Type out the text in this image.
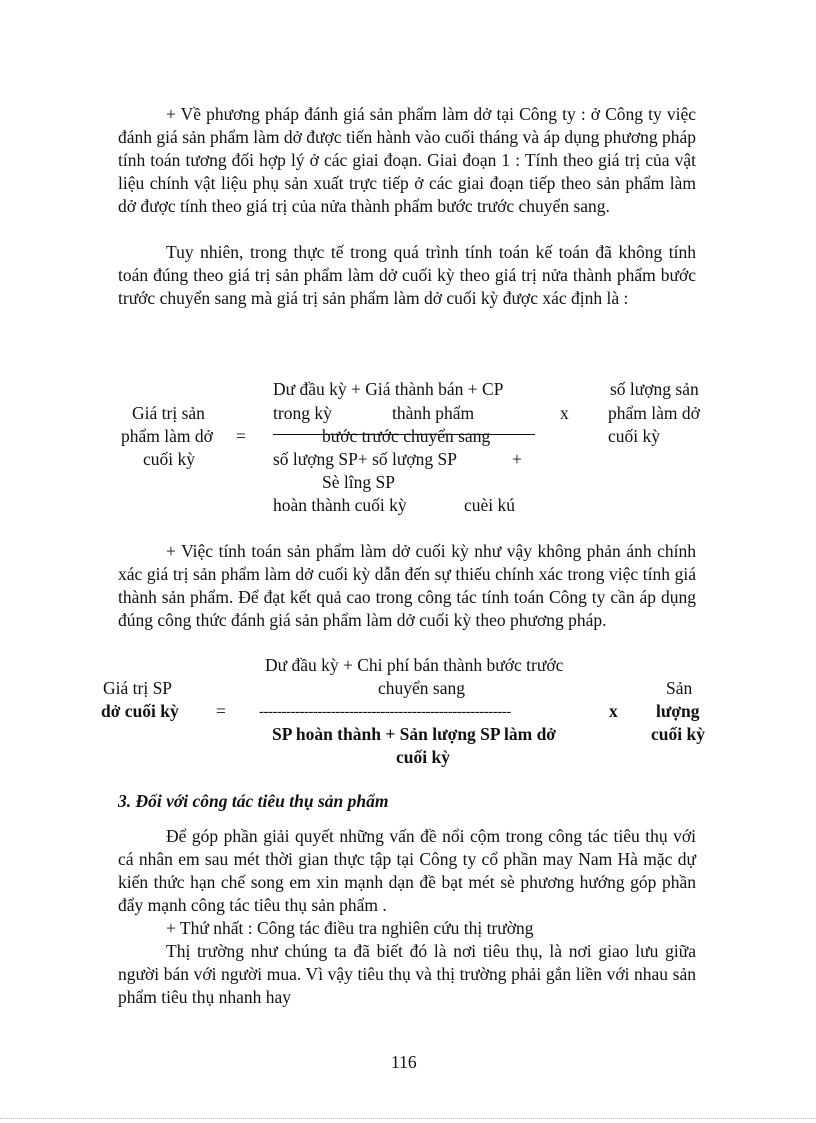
+ Về phương pháp đánh giá sản phẩm làm dở tại Công ty : ở Công ty việc đánh giá sản phẩm làm dở được tiến hành vào cuối tháng và áp dụng phương pháp tính toán tương đối hợp lý ở các giai đoạn. Giai đoạn 1 : Tính theo giá trị của vật liệu chính vật liệu phụ sản xuất trực tiếp ở các giai đoạn tiếp theo sản phẩm làm dở được tính theo giá trị của nửa thành phẩm bước trước chuyển sang.

Tuy nhiên, trong thực tế trong quá trình tính toán kế toán đã không tính toán đúng theo giá trị sản phẩm làm dở cuối kỳ theo giá trị nửa thành phẩm bước trước chuyển sang mà giá trị sản phẩm làm dở cuối kỳ được xác định là :

Dư đầu kỳ + Giá thành bán + CP
trong kỳ	thành phẩm
bước trước chuyển sang
Giá trị sản
phẩm làm dở
cuối kỳ
=
x
số lượng sản
phẩm làm dở
cuối kỳ
số lượng SP+ số lượng SP	+
Sè lîng SP
hoàn thành cuối kỳ	cuèi kú

+ Việc tính toán sản phẩm làm dở cuối kỳ như vậy không phản ánh chính xác giá trị sản phẩm làm dở cuối kỳ dẫn đến sự thiếu chính xác trong việc tính giá thành sản phẩm. Để đạt kết quả cao trong công tác tính toán Công ty cần áp dụng đúng công thức đánh giá sản phẩm làm dở cuối kỳ theo phương pháp.

Dư đầu kỳ + Chi phí bán thành bước trước
chuyển sang
Giá trị SP
dở cuối kỳ = --------------------------------------------------------	x
Sản
lượng
cuối kỳ
SP hoàn thành + Sản lượng SP làm dở
cuối kỳ
3. Đối với công tác tiêu thụ sản phẩm

Để góp phần giải quyết những vấn đề nổi cộm trong công tác tiêu thụ với cá nhân em sau mét thời gian thực tập tại Công ty cổ phần may Nam Hà mặc dự kiến thức hạn chế song em xin mạnh dạn đề bạt mét sè phương hướng góp phần đẩy mạnh công tác tiêu thụ sản phẩm .

+ Thứ nhất : Công tác điều tra nghiên cứu thị trường

Thị trường như chúng ta đã biết đó là nơi tiêu thụ, là nơi giao lưu giữa người bán với người mua. Vì vậy tiêu thụ và thị trường phải gắn liền với nhau sản phẩm tiêu thụ nhanh hay

116
